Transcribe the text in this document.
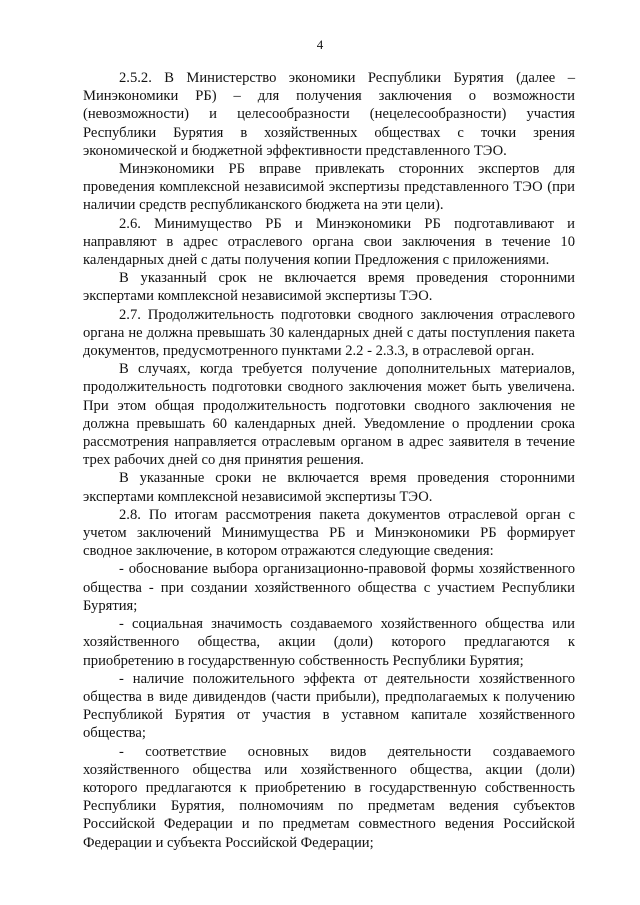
4

2.5.2. В Министерство экономики Республики Бурятия (далее – Минэкономики РБ) – для получения заключения о возможности (невозможности) и целесообразности (нецелесообразности) участия Республики Бурятия в хозяйственных обществах с точки зрения экономической и бюджетной эффективности представленного ТЭО.

Минэкономики РБ вправе привлекать сторонних экспертов для проведения комплексной независимой экспертизы представленного ТЭО (при наличии средств республиканского бюджета на эти цели).

2.6. Минимущество РБ и Минэкономики РБ подготавливают и направляют в адрес отраслевого органа свои заключения в течение 10 календарных дней с даты получения копии Предложения с приложениями.

В указанный срок не включается время проведения сторонними экспертами комплексной независимой экспертизы ТЭО.

2.7. Продолжительность подготовки сводного заключения отраслевого органа не должна превышать 30 календарных дней с даты поступления пакета документов, предусмотренного пунктами 2.2 - 2.3.3, в отраслевой орган.

В случаях, когда требуется получение дополнительных материалов, продолжительность подготовки сводного заключения может быть увеличена. При этом общая продолжительность подготовки сводного заключения не должна превышать 60 календарных дней. Уведомление о продлении срока рассмотрения направляется отраслевым органом в адрес заявителя в течение трех рабочих дней со дня принятия решения.

В указанные сроки не включается время проведения сторонними экспертами комплексной независимой экспертизы ТЭО.

2.8. По итогам рассмотрения пакета документов отраслевой орган с учетом заключений Минимущества РБ и Минэкономики РБ формирует сводное заключение, в котором отражаются следующие сведения:

- обоснование выбора организационно-правовой формы хозяйственного общества - при создании хозяйственного общества с участием Республики Бурятия;

- социальная значимость создаваемого хозяйственного общества или хозяйственного общества, акции (доли) которого предлагаются к приобретению в государственную собственность Республики Бурятия;

- наличие положительного эффекта от деятельности хозяйственного общества в виде дивидендов (части прибыли), предполагаемых к получению Республикой Бурятия от участия в уставном капитале хозяйственного общества;

- соответствие основных видов деятельности создаваемого хозяйственного общества или хозяйственного общества, акции (доли) которого предлагаются к приобретению в государственную собственность Республики Бурятия, полномочиям по предметам ведения субъектов Российской Федерации и по предметам совместного ведения Российской Федерации и субъекта Российской Федерации;
